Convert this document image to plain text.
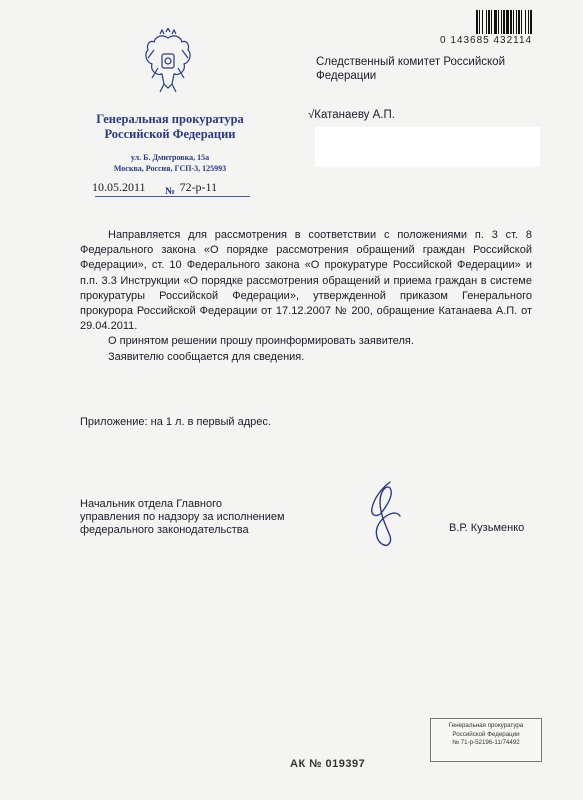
0 143685 432114
Генеральная прокуратура
Российской Федерации
ул. Б. Дмитровка, 15а
Москва, Россия, ГСП-3, 125993
10.05.2011	72-р-11
№
Следственный комитет Российской
Федерации
√Катанаеву А.П.

Направляется для рассмотрения в соответствии с положениями п. 3 ст. 8 Федерального закона «О порядке рассмотрения обращений граждан Российской Федерации», ст. 10 Федерального закона «О прокуратуре Российской Федерации» и п.п. 3.3 Инструкции «О порядке рассмотрения обращений и приема граждан в системе прокуратуры Российской Федерации», утвержденной приказом Генерального прокурора Российской Федерации от 17.12.2007 № 200, обращение Катанаева А.П. от 29.04.2011.

О принятом решении прошу проинформировать заявителя.

Заявителю сообщается для сведения.

Приложение: на 1 л. в первый адрес.
Начальник отдела Главного
управления по надзору за исполнением
федерального законодательства	В.Р. Кузьменко
Генеральная прокуратура
Российской Федерации
№ 71-р-52196-11/74492
АК № 019397
